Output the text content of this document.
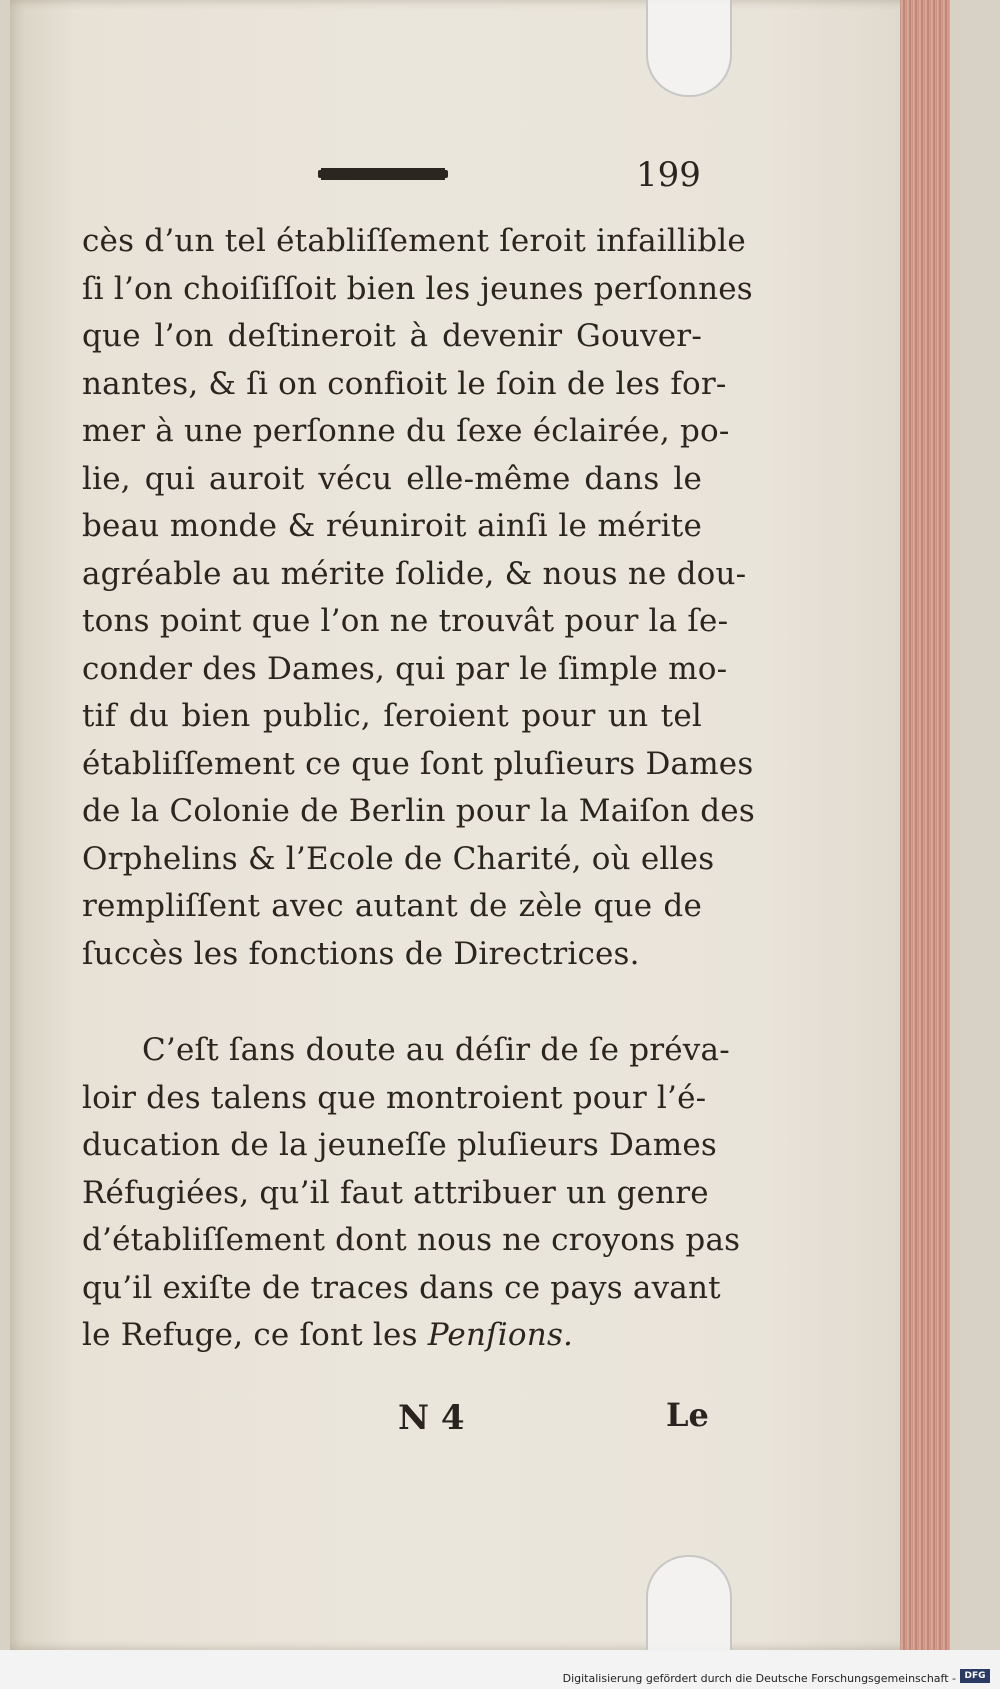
199
cès d’un tel établiſſement ſeroit infaillible
ſi l’on choiſiſſoit bien les jeunes perſonnes
que l’on deſtineroit à devenir Gouver-
nantes, & ſi on confioit le ſoin de les for-
mer à une perſonne du ſexe éclairée, po-
lie, qui auroit vécu elle-même dans le
beau monde & réuniroit ainſi le mérite
agréable au mérite ſolide, & nous ne dou-
tons point que l’on ne trouvât pour la ſe-
conder des Dames, qui par le ſimple mo-
tif du bien public, ſeroient pour un tel
établiſſement ce que ſont pluſieurs Dames
de la Colonie de Berlin pour la Maiſon des
Orphelins & l’Ecole de Charité, où elles
rempliſſent avec autant de zèle que de
ſuccès les fonctions de Directrices.
C’eſt ſans doute au déſir de ſe préva-
loir des talens que montroient pour l’é-
ducation de la jeuneſſe pluſieurs Dames
Réfugiées, qu’il faut attribuer un genre
d’établiſſement dont nous ne croyons pas
qu’il exiſte de traces dans ce pays avant
le Refuge, ce ſont les Penſions.
N 4	Le
Digitalisierung gefördert durch die Deutsche Forschungsgemeinschaft - DFG
